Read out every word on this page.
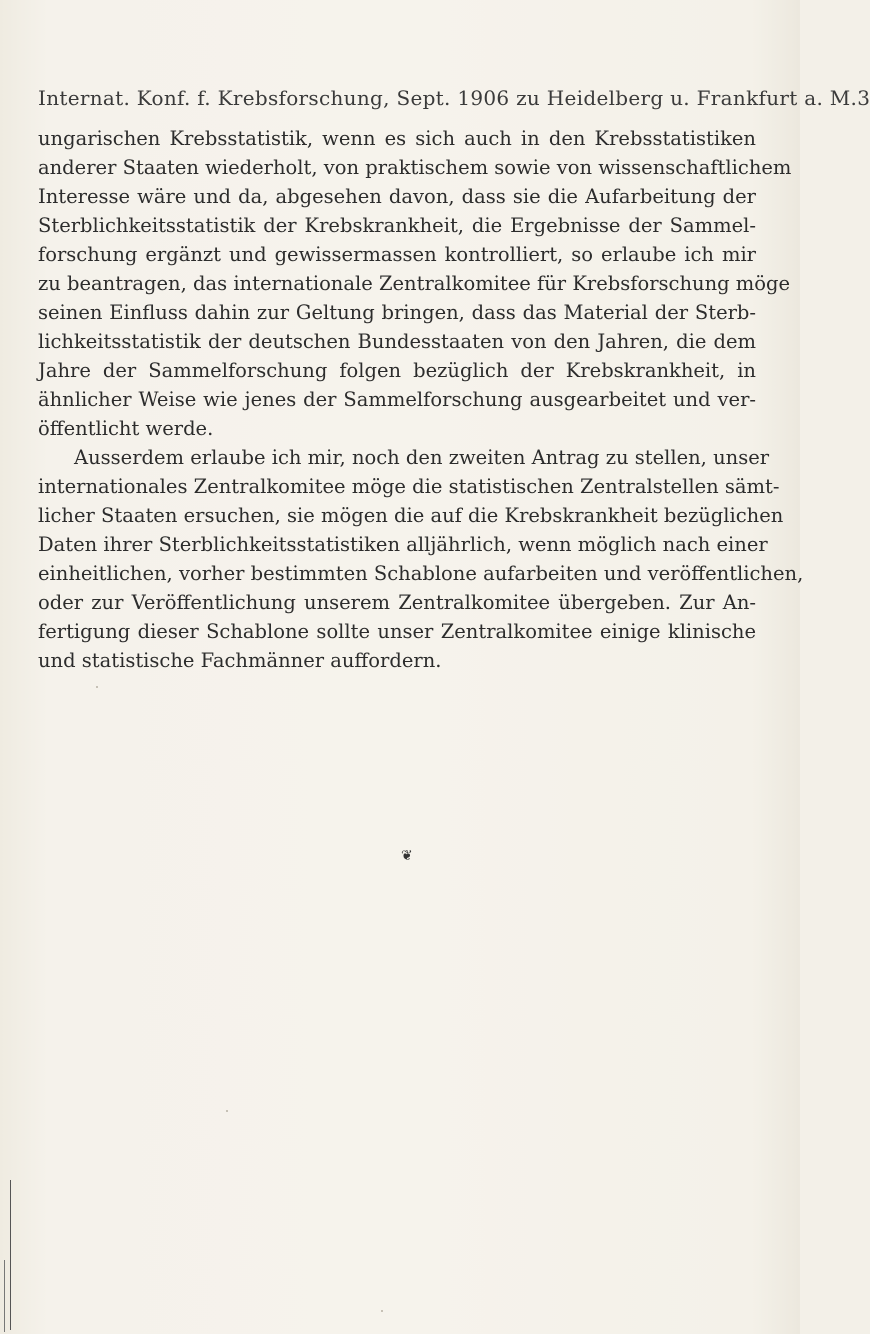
Internat. Konf. f. Krebsforschung, Sept. 1906 zu Heidelberg u. Frankfurt a. M. 3
ungarischen Krebsstatistik, wenn es sich auch in den Krebsstatistiken
anderer Staaten wiederholt, von praktischem sowie von wissenschaftlichem
Interesse wäre und da, abgesehen davon, dass sie die Aufarbeitung der
Sterblichkeitsstatistik der Krebskrankheit, die Ergebnisse der Sammel-
forschung ergänzt und gewissermassen kontrolliert, so erlaube ich mir
zu beantragen, das internationale Zentralkomitee für Krebsforschung möge
seinen Einfluss dahin zur Geltung bringen, dass das Material der Sterb-
lichkeitsstatistik der deutschen Bundesstaaten von den Jahren, die dem
Jahre der Sammelforschung folgen bezüglich der Krebskrankheit, in
ähnlicher Weise wie jenes der Sammelforschung ausgearbeitet und ver-
öffentlicht werde.
Ausserdem erlaube ich mir, noch den zweiten Antrag zu stellen, unser
internationales Zentralkomitee möge die statistischen Zentralstellen sämt-
licher Staaten ersuchen, sie mögen die auf die Krebskrankheit bezüglichen
Daten ihrer Sterblichkeitsstatistiken alljährlich, wenn möglich nach einer
einheitlichen, vorher bestimmten Schablone aufarbeiten und veröffentlichen,
oder zur Veröffentlichung unserem Zentralkomitee übergeben. Zur An-
fertigung dieser Schablone sollte unser Zentralkomitee einige klinische
und statistische Fachmänner auffordern.
❦
